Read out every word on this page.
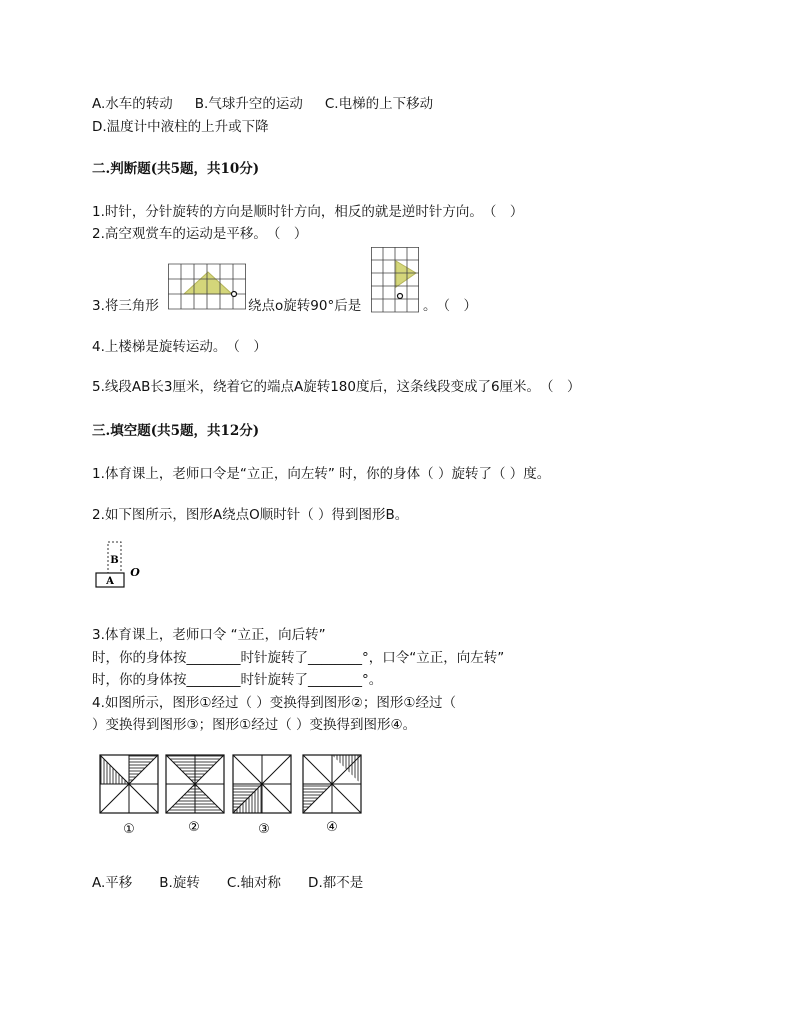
A.水车的转动 B.气球升空的运动 C.电梯的上下移动
D.温度计中液柱的上升或下降
二.判断题(共5题，共10分)
1.时针，分针旋转的方向是顺时针方向，相反的就是逆时针方向。　（　）
2.高空观赏车的运动是平移。　（　）
3.将三角形	绕点o旋转90°后是	。　（　）
4.上楼梯是旋转运动。　（　）
5.线段AB长3厘米，绕着它的端点A旋转180度后，这条线段变成了6厘米。　（　）
三.填空题(共5题，共12分)
1.体育课上，老师口令是“立正，向左转” 时，你的身体（ ）旋转了（ ）度。
2.如下图所示，图形A绕点O顺时针（ ）得到图形B。
B
A
O
3.体育课上，老师口令 “立正，向后转”
时，你的身体按________时针旋转了________°，口令“立正，向左转”
时，你的身体按________时针旋转了________°。
4.如图所示，图形①经过（ ）变换得到图形②；图形①经过（
）变换得到图形③；图形①经过（ ）变换得到图形④。
①	②	③	④
A.平移　　B.旋转　　C.轴对称　　D.都不是
